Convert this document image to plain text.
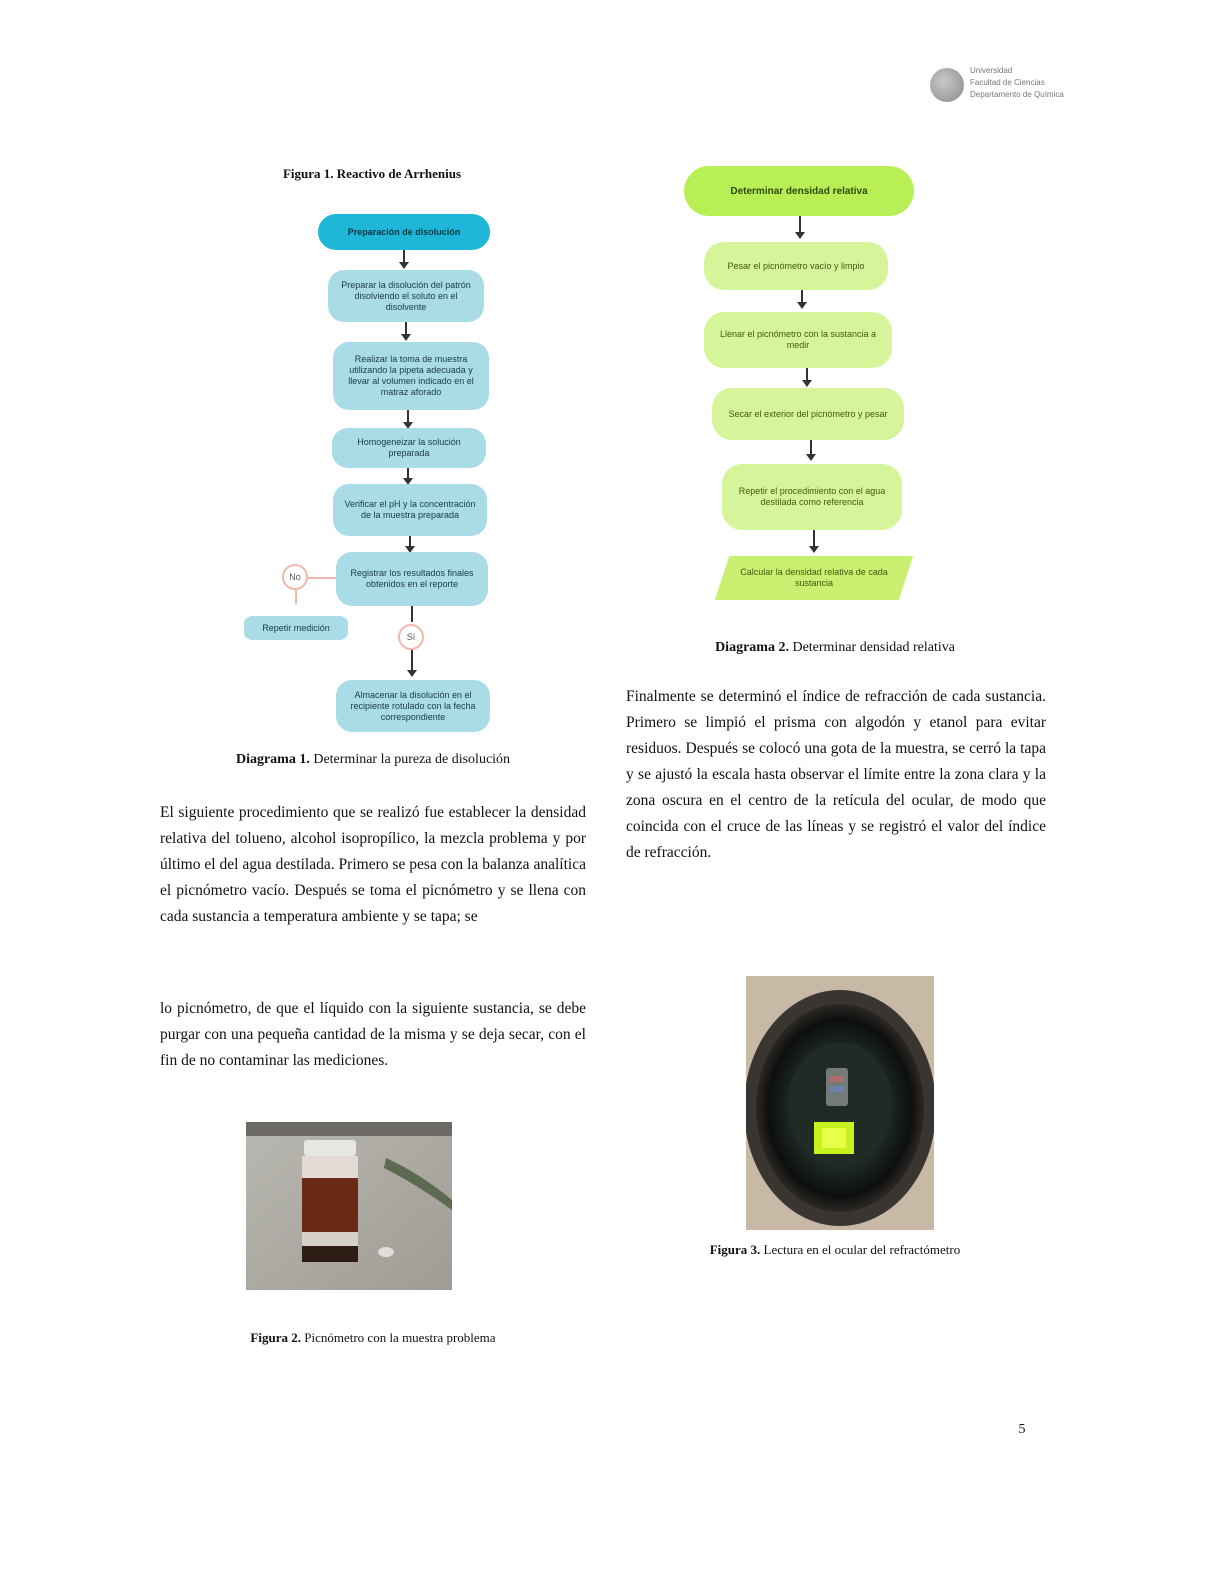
Universidad
Facultad de Ciencias
Departamento de Química
Figura 1. Reactivo de Arrhenius
Preparación de disolución
Preparar la disolución del patrón disolviendo el soluto en el disolvente
Realizar la toma de muestra utilizando la pipeta adecuada y llevar al volumen indicado en el matraz aforado
Homogeneizar la solución preparada
Verificar el pH y la concentración de la muestra preparada
Registrar los resultados finales obtenidos en el reporte
No
Repetir medición
Sí
Almacenar la disolución en el recipiente rotulado con la fecha correspondiente
Diagrama 1. Determinar la pureza de disolución
El siguiente procedimiento que se realizó fue establecer la densidad relativa del tolueno, alcohol isopropílico, la mezcla problema y por último el del agua destilada. Primero se pesa con la balanza analítica el picnómetro vacío. Después se toma el picnómetro y se llena con cada sustancia a temperatura ambiente y se tapa; se
lo picnómetro, de que el líquido con la siguiente sustancia, se debe purgar con una pequeña cantidad de la misma y se deja secar, con el fin de no contaminar las mediciones.
Figura 2. Picnómetro con la muestra problema
Determinar densidad relativa
Pesar el picnómetro vacío y limpio
Llenar el picnómetro con la sustancia a medir
Secar el exterior del picnómetro y pesar
Repetir el procedimiento con el agua destilada como referencia
Calcular la densidad relativa de cada sustancia
Diagrama 2. Determinar densidad relativa
Finalmente se determinó el índice de refracción de cada sustancia. Primero se limpió el prisma con algodón y etanol para evitar residuos. Después se colocó una gota de la muestra, se cerró la tapa y se ajustó la escala hasta observar el límite entre la zona clara y la zona oscura en el centro de la retícula del ocular, de modo que coincida con el cruce de las líneas y se registró el valor del índice de refracción.
Figura 3. Lectura en el ocular del refractómetro
5
